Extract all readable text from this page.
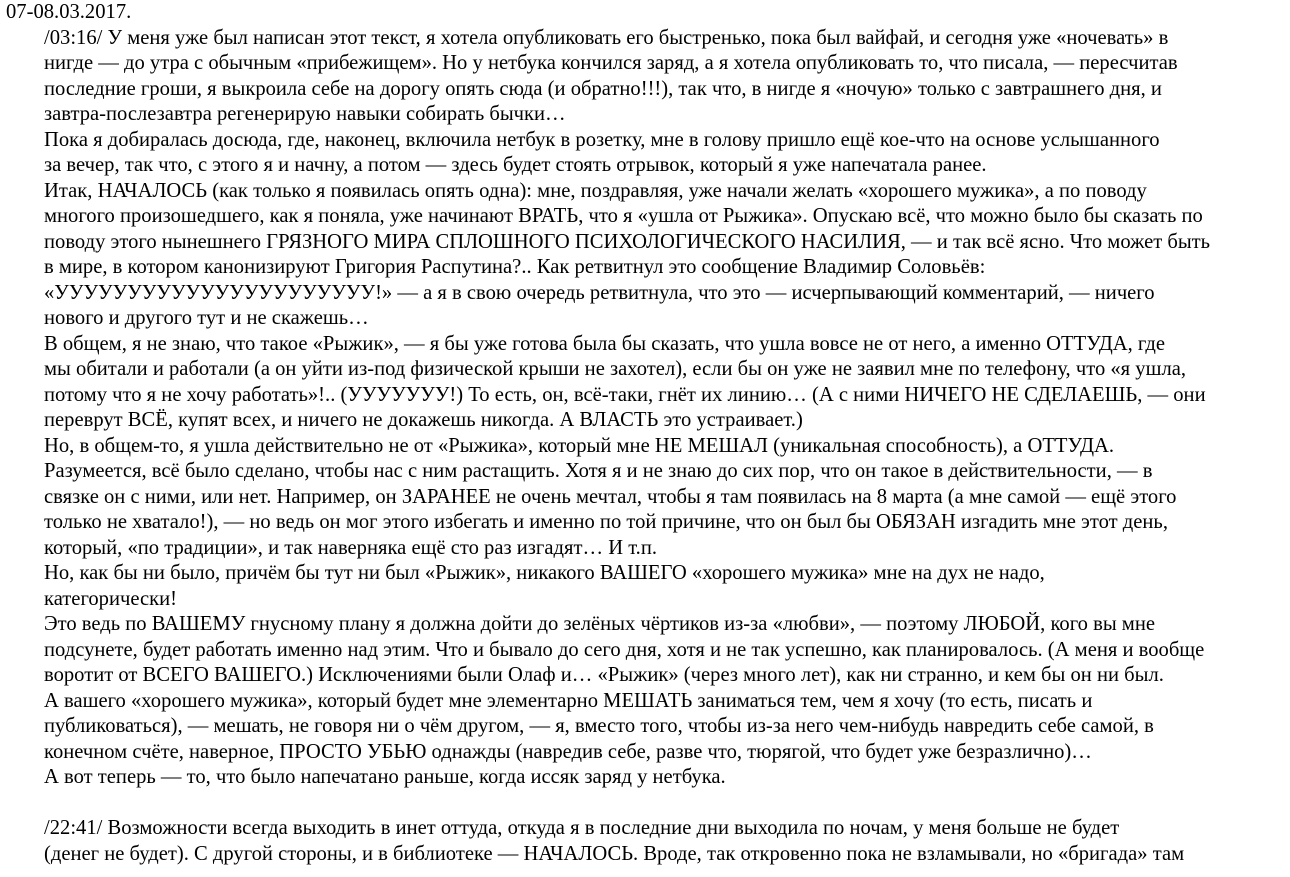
07-08.03.2017.

/03:16/ У меня уже был написан этот текст, я хотела опубликовать его быстренько, пока был вайфай, и сегодня уже «ночевать» в
нигде — до утра с обычным «прибежищем». Но у нетбука кончился заряд, а я хотела опубликовать то, что писала, — пересчитав
последние гроши, я выкроила себе на дорогу опять сюда (и обратно!!!), так что, в нигде я «ночую» только с завтрашнего дня, и
завтра-послезавтра регенерирую навыки собирать бычки…

Пока я добиралась досюда, где, наконец, включила нетбук в розетку, мне в голову пришло ещё кое-что на основе услышанного
за вечер, так что, с этого я и начну, а потом — здесь будет стоять отрывок, который я уже напечатала ранее.

Итак, НАЧАЛОСЬ (как только я появилась опять одна): мне, поздравляя, уже начали желать «хорошего мужика», а по поводу
многого произошедшего, как я поняла, уже начинают ВРАТЬ, что я «ушла от Рыжика». Опускаю всё, что можно было бы сказать по
поводу этого нынешнего ГРЯЗНОГО МИРА СПЛОШНОГО ПСИХОЛОГИЧЕСКОГО НАСИЛИЯ, — и так всё ясно. Что может быть
в мире, в котором канонизируют Григория Распутина?.. Как ретвитнул это сообщение Владимир Соловьёв:
«УУУУУУУУУУУУУУУУУУУУУУ!» — а я в свою очередь ретвитнула, что это — исчерпывающий комментарий, — ничего
нового и другого тут и не скажешь…

В общем, я не знаю, что такое «Рыжик», — я бы уже готова была бы сказать, что ушла вовсе не от него, а именно ОТТУДА, где
мы обитали и работали (а он уйти из-под физической крыши не захотел), если бы он уже не заявил мне по телефону, что «я ушла,
потому что я не хочу работать»!.. (УУУУУУУ!) То есть, он, всё-таки, гнёт их линию… (А с ними НИЧЕГО НЕ СДЕЛАЕШЬ, — они
переврут ВСЁ, купят всех, и ничего не докажешь никогда. А ВЛАСТЬ это устраивает.)

Но, в общем-то, я ушла действительно не от «Рыжика», который мне НЕ МЕШАЛ (уникальная способность), а ОТТУДА.

Разумеется, всё было сделано, чтобы нас с ним растащить. Хотя я и не знаю до сих пор, что он такое в действительности, — в
связке он с ними, или нет. Например, он ЗАРАНЕЕ не очень мечтал, чтобы я там появилась на 8 марта (а мне самой — ещё этого
только не хватало!), — но ведь он мог этого избегать и именно по той причине, что он был бы ОБЯЗАН изгадить мне этот день,
который, «по традиции», и так наверняка ещё сто раз изгадят… И т.п.

Но, как бы ни было, причём бы тут ни был «Рыжик», никакого ВАШЕГО «хорошего мужика» мне на дух не надо,
категорически!

Это ведь по ВАШЕМУ гнусному плану я должна дойти до зелёных чёртиков из-за «любви», — поэтому ЛЮБОЙ, кого вы мне
подсунете, будет работать именно над этим. Что и бывало до сего дня, хотя и не так успешно, как планировалось. (А меня и вообще
воротит от ВСЕГО ВАШЕГО.) Исключениями были Олаф и… «Рыжик» (через много лет), как ни странно, и кем бы он ни был.

А вашего «хорошего мужика», который будет мне элементарно МЕШАТЬ заниматься тем, чем я хочу (то есть, писать и
публиковаться), — мешать, не говоря ни о чём другом, — я, вместо того, чтобы из-за него чем-нибудь навредить себе самой, в
конечном счёте, наверное, ПРОСТО УБЬЮ однажды (навредив себе, разве что, тюрягой, что будет уже безразлично)…

А вот теперь — то, что было напечатано раньше, когда иссяк заряд у нетбука.

/22:41/ Возможности всегда выходить в инет оттуда, откуда я в последние дни выходила по ночам, у меня больше не будет
(денег не будет). С другой стороны, и в библиотеке — НАЧАЛОСЬ. Вроде, так откровенно пока не взламывали, но «бригада» там
